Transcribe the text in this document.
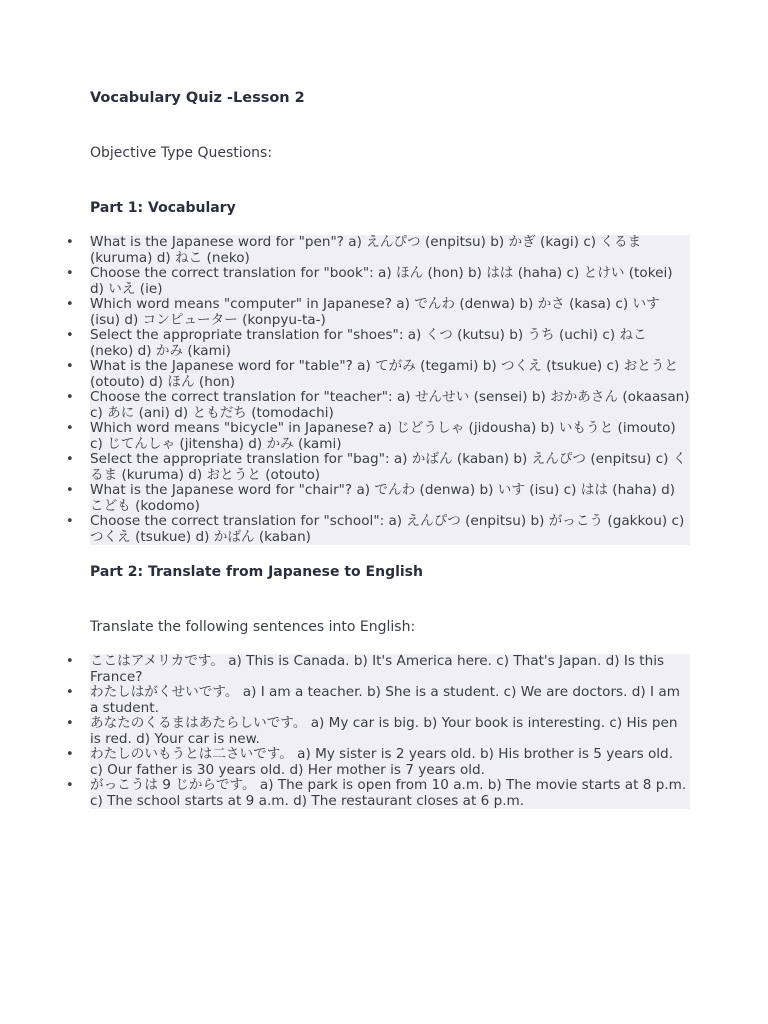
Vocabulary Quiz -Lesson 2
Objective Type Questions:
Part 1: Vocabulary
• What is the Japanese word for "pen"? a) えんぴつ (enpitsu) b) かぎ (kagi) c) くるま (kuruma) d) ねこ (neko)
• Choose the correct translation for "book": a) ほん (hon) b) はは (haha) c) とけい (tokei) d) いえ (ie)
• Which word means "computer" in Japanese? a) でんわ (denwa) b) かさ (kasa) c) いす (isu) d) コンピューター (konpyu-ta-)
• Select the appropriate translation for "shoes": a) くつ (kutsu) b) うち (uchi) c) ねこ (neko) d) かみ (kami)
• What is the Japanese word for "table"? a) てがみ (tegami) b) つくえ (tsukue) c) おとうと (otouto) d) ほん (hon)
• Choose the correct translation for "teacher": a) せんせい (sensei) b) おかあさん (okaasan) c) あに (ani) d) ともだち (tomodachi)
• Which word means "bicycle" in Japanese? a) じどうしゃ (jidousha) b) いもうと (imouto) c) じてんしゃ (jitensha) d) かみ (kami)
• Select the appropriate translation for "bag": a) かばん (kaban) b) えんぴつ (enpitsu) c) くるま (kuruma) d) おとうと (otouto)
• What is the Japanese word for "chair"? a) でんわ (denwa) b) いす (isu) c) はは (haha) d) こども (kodomo)
• Choose the correct translation for "school": a) えんぴつ (enpitsu) b) がっこう (gakkou) c) つくえ (tsukue) d) かばん (kaban)
Part 2: Translate from Japanese to English
Translate the following sentences into English:
• ここはアメリカです。 a) This is Canada. b) It's America here. c) That's Japan. d) Is this France?
• わたしはがくせいです。 a) I am a teacher. b) She is a student. c) We are doctors. d) I am a student.
• あなたのくるまはあたらしいです。 a) My car is big. b) Your book is interesting. c) His pen is red. d) Your car is new.
• わたしのいもうとは二さいです。 a) My sister is 2 years old. b) His brother is 5 years old. c) Our father is 30 years old. d) Her mother is 7 years old.
• がっこうは 9 じからです。 a) The park is open from 10 a.m. b) The movie starts at 8 p.m. c) The school starts at 9 a.m. d) The restaurant closes at 6 p.m.
